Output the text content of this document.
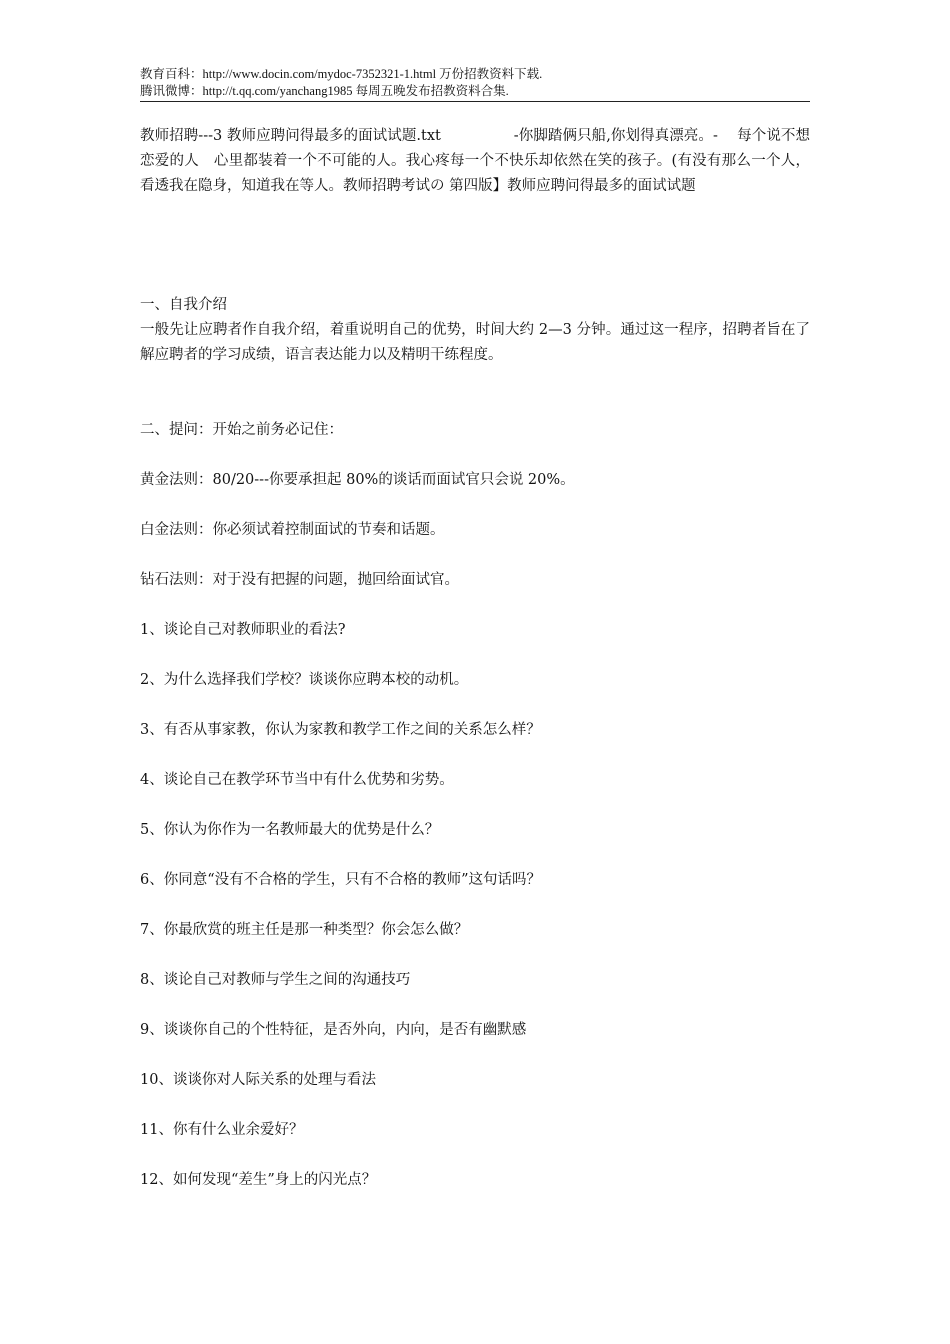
教育百科：http://www.docin.com/mydoc-7352321-1.html 万份招教资料下载.
腾讯微博：http://t.qq.com/yanchang1985 每周五晚发布招教资料合集.

教师招聘---3 教师应聘问得最多的面试试题.txt　　　　　-你脚踏俩只船,你划得真漂亮。-　 每个说不想恋爱的人　心里都装着一个不可能的人。我心疼每一个不快乐却依然在笑的孩子。(有没有那么一个人，看透我在隐身，知道我在等人。教师招聘考试の 第四版】教师应聘问得最多的面试试题

一、自我介绍

一般先让应聘者作自我介绍，着重说明自己的优势，时间大约 2—3 分钟。通过这一程序，招聘者旨在了解应聘者的学习成绩，语言表达能力以及精明干练程度。

二、提问：开始之前务必记住：

黄金法则：80/20---你要承担起 80%的谈话而面试官只会说 20%。

白金法则：你必须试着控制面试的节奏和话题。

钻石法则：对于没有把握的问题，抛回给面试官。

1、谈论自己对教师职业的看法?

2、为什么选择我们学校？谈谈你应聘本校的动机。

3、有否从事家教，你认为家教和教学工作之间的关系怎么样？

4、谈论自己在教学环节当中有什么优势和劣势。

5、你认为你作为一名教师最大的优势是什么？

6、你同意“没有不合格的学生，只有不合格的教师”这句话吗？

7、你最欣赏的班主任是那一种类型？你会怎么做？

8、谈论自己对教师与学生之间的沟通技巧

9、谈谈你自己的个性特征，是否外向，内向，是否有幽默感

10、谈谈你对人际关系的处理与看法

11、你有什么业余爱好？

12、如何发现“差生”身上的闪光点？
